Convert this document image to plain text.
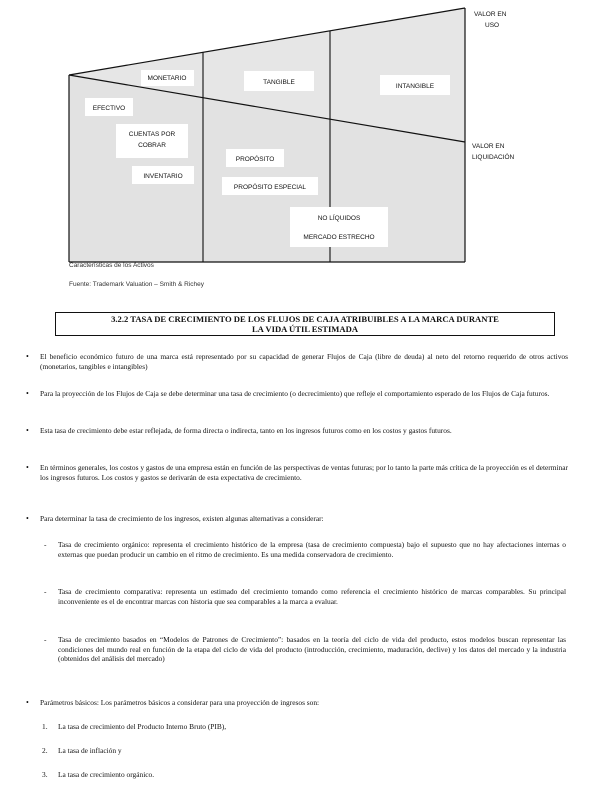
MONETARIO
TANGIBLE
INTANGIBLE
EFECTIVO
CUENTAS POR
COBRAR
INVENTARIO
PROPÓSITO
PROPÓSITO ESPECIAL
NO LÍQUIDOS
MERCADO ESTRECHO
VALOR EN
USO
VALOR EN
LIQUIDACIÓN
Características de los Activos
Fuente: Trademark Valuation – Smith & Richey
3.2.2 TASA DE CRECIMIENTO DE LOS FLUJOS DE CAJA ATRIBUIBLES A LA MARCA DURANTE
LA VIDA ÚTIL ESTIMADA
• El beneficio económico futuro de una marca está representado por su capacidad de generar Flujos de Caja (libre de deuda) al neto del retorno requerido de otros activos (monetarios, tangibles e intangibles)
• Para la proyección de los Flujos de Caja se debe determinar una tasa de crecimiento (o decrecimiento) que refleje el comportamiento esperado de los Flujos de Caja futuros.
• Esta tasa de crecimiento debe estar reflejada, de forma directa o indirecta, tanto en los ingresos futuros como en los costos y gastos futuros.
• En términos generales, los costos y gastos de una empresa están en función de las perspectivas de ventas futuras; por lo tanto la parte más crítica de la proyección es el determinar los ingresos futuros. Los costos y gastos se derivarán de esta expectativa de crecimiento.
• Para determinar la tasa de crecimiento de los ingresos, existen algunas alternativas a considerar:
- Tasa de crecimiento orgánico: representa el crecimiento histórico de la empresa (tasa de crecimiento compuesta) bajo el supuesto que no hay afectaciones internas o externas que puedan producir un cambio en el ritmo de crecimiento. Es una medida conservadora de crecimiento.
- Tasa de crecimiento comparativa: representa un estimado del crecimiento tomando como referencia el crecimiento histórico de marcas comparables. Su principal inconveniente es el de encontrar marcas con historia que sea comparables a la marca a evaluar.
- Tasa de crecimiento basados en “Modelos de Patrones de Crecimiento”: basados en la teoría del ciclo de vida del producto, estos modelos buscan representar las condiciones del mundo real en función de la etapa del ciclo de vida del producto (introducción, crecimiento, maduración, declive) y los datos del mercado y la industria (obtenidos del análisis del mercado)
• Parámetros básicos: Los parámetros básicos a considerar para una proyección de ingresos son:
1. La tasa de crecimiento del Producto Interno Bruto (PIB),
2. La tasa de inflación y
3. La tasa de crecimiento orgánico.
